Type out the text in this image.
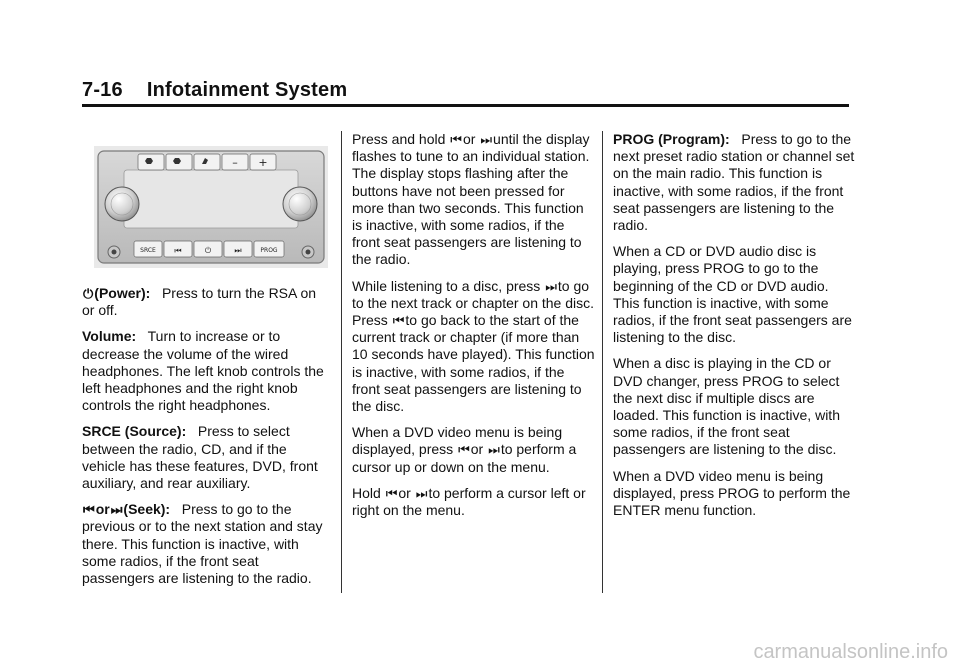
7-16 Infotainment System
– +
SRCE ⏮	⏻	⏭	PROG

⏻(Power): Press to turn the RSA on or off.

Volume: Turn to increase or to decrease the volume of the wired headphones. The left knob controls the left headphones and the right knob controls the right headphones.

SRCE (Source): Press to select between the radio, CD, and if the vehicle has these features, DVD, front auxiliary, and rear auxiliary.

⏮or⏭(Seek): Press to go to the previous or to the next station and stay there. This function is inactive, with some radios, if the front seat passengers are listening to the radio.

Press and hold ⏮or ⏭until the display flashes to tune to an individual station. The display stops flashing after the buttons have not been pressed for more than two seconds. This function is inactive, with some radios, if the front seat passengers are listening to the radio.

While listening to a disc, press ⏭to go to the next track or chapter on the disc. Press ⏮to go back to the start of the current track or chapter (if more than 10 seconds have played). This function is inactive, with some radios, if the front seat passengers are listening to the disc.

When a DVD video menu is being displayed, press ⏮or ⏭to perform a cursor up or down on the menu.

Hold ⏮or ⏭to perform a cursor left or right on the menu.

PROG (Program): Press to go to the next preset radio station or channel set on the main radio. This function is inactive, with some radios, if the front seat passengers are listening to the radio.

When a CD or DVD audio disc is playing, press PROG to go to the beginning of the CD or DVD audio. This function is inactive, with some radios, if the front seat passengers are listening to the disc.

When a disc is playing in the CD or DVD changer, press PROG to select the next disc if multiple discs are loaded. This function is inactive, with some radios, if the front seat passengers are listening to the disc.

When a DVD video menu is being displayed, press PROG to perform the ENTER menu function.

carmanualsonline.info
